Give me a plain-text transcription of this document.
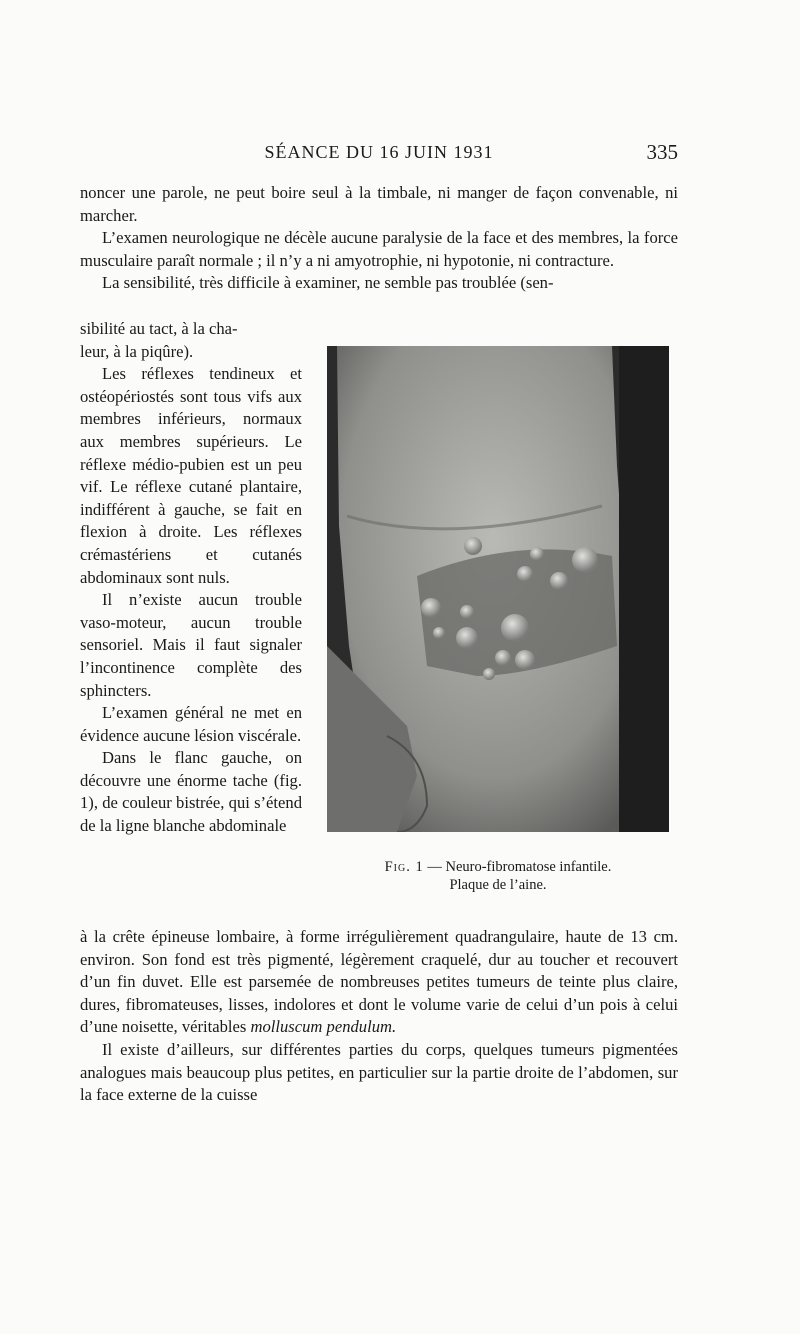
SÉANCE DU 16 JUIN 1931	335

noncer une parole, ne peut boire seul à la timbale, ni manger de façon convenable, ni marcher.

L’examen neurologique ne décèle aucune paralysie de la face et des membres, la force musculaire paraît normale ; il n’y a ni amyotrophie, ni hypotonie, ni contracture.

La sensibilité, très difficile à examiner, ne semble pas troublée (sen-

sibilité au tact, à la cha-

leur, à la piqûre).

Les réflexes tendineux et ostéopériostés sont tous vifs aux membres inférieurs, normaux aux membres supérieurs. Le réflexe médio-pubien est un peu vif. Le réflexe cutané plantaire, indifférent à gauche, se fait en flexion à droite. Les réflexes crémastériens et cutanés abdominaux sont nuls.

Il n’existe aucun trouble vaso-moteur, aucun trouble sensoriel. Mais il faut signaler l’incontinence complète des sphincters.

L’examen général ne met en évidence aucune lésion viscérale.

Dans le flanc gauche, on découvre une énorme tache (fig. 1), de couleur bistrée, qui s’étend de la ligne blanche abdominale

Fig. 1 — Neuro-fibromatose infantile.
Plaque de l’aine.

à la crête épineuse lombaire, à forme irrégulièrement quadrangulaire, haute de 13 cm. environ. Son fond est très pigmenté, légèrement craquelé, dur au toucher et recouvert d’un fin duvet. Elle est parsemée de nombreuses petites tumeurs de teinte plus claire, dures, fibromateuses, lisses, indolores et dont le volume varie de celui d’un pois à celui d’une noisette, véritables molluscum pendulum.

Il existe d’ailleurs, sur différentes parties du corps, quelques tumeurs pigmentées analogues mais beaucoup plus petites, en particulier sur la partie droite de l’abdomen, sur la face externe de la cuisse
